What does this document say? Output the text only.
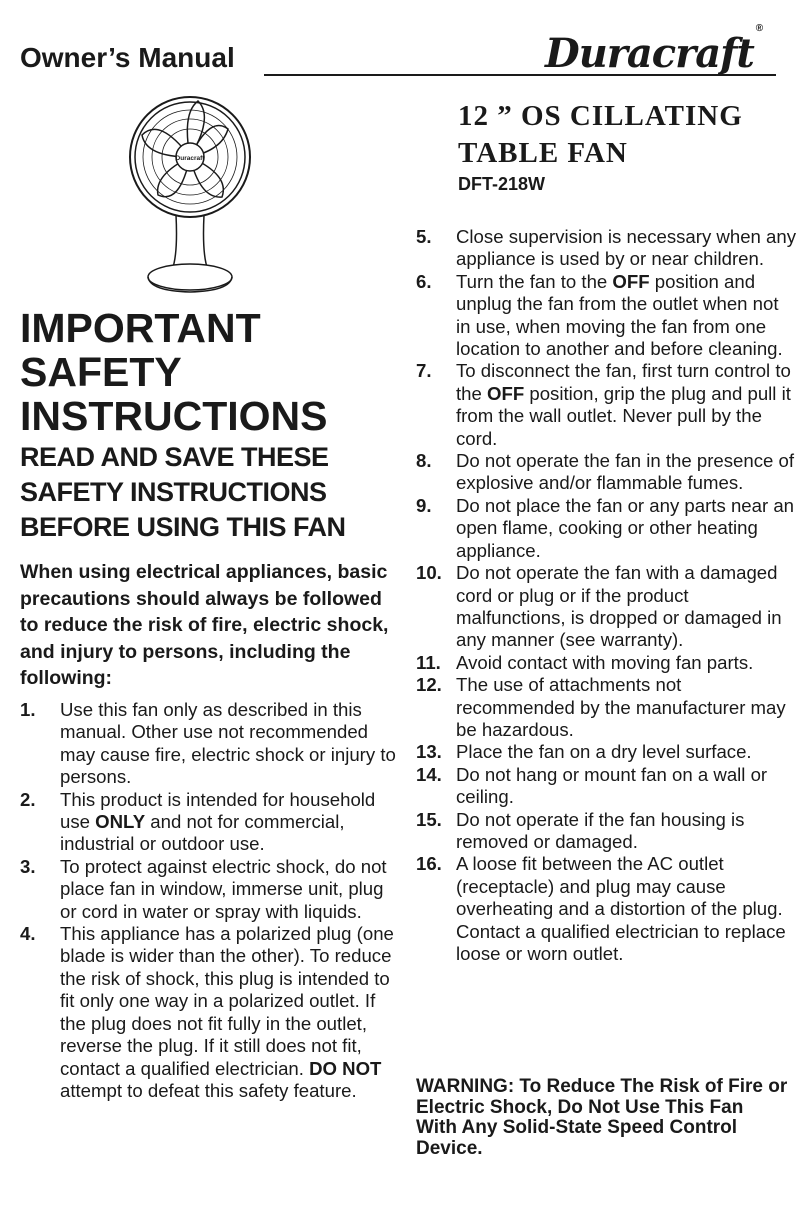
Owner’s Manual	Duracraft®
Duracraft
12 ” OS CILLATING
TABLE FAN
DFT-218W
IMPORTANT SAFETY INSTRUCTIONS
READ AND SAVE THESE SAFETY INSTRUCTIONS BEFORE USING THIS FAN
When using electrical appliances, basic precautions should always be followed to reduce the risk of fire, electric shock, and injury to persons, including the following:
1. Use this fan only as described in this manual. Other use not recommended may cause fire, electric shock or injury to persons.
2. This product is intended for household use ONLY and not for commercial, industrial or outdoor use.
3. To protect against electric shock, do not place fan in window, immerse unit, plug or cord in water or spray with liquids.
4. This appliance has a polarized plug (one blade is wider than the other). To reduce the risk of shock, this plug is intended to fit only one way in a polarized outlet. If the plug does not fit fully in the outlet, reverse the plug. If it still does not fit, contact a qualified electrician. DO NOT attempt to defeat this safety feature.
5. Close supervision is necessary when any appliance is used by or near children.
6. Turn the fan to the OFF position and unplug the fan from the outlet when not in use, when moving the fan from one location to another and before cleaning.
7. To disconnect the fan, first turn control to the OFF position, grip the plug and pull it from the wall outlet. Never pull by the cord.
8. Do not operate the fan in the presence of explosive and/or flammable fumes.
9. Do not place the fan or any parts near an open flame, cooking or other heating appliance.
10. Do not operate the fan with a damaged cord or plug or if the product malfunctions, is dropped or damaged in any manner (see warranty).
11. Avoid contact with moving fan parts.
12. The use of attachments not recommended by the manufacturer may be hazardous.
13. Place the fan on a dry level surface.
14. Do not hang or mount fan on a wall or ceiling.
15. Do not operate if the fan housing is removed or damaged.
16. A loose fit between the AC outlet (receptacle) and plug may cause overheating and a distortion of the plug. Contact a qualified electrician to replace loose or worn outlet.
WARNING: To Reduce The Risk of Fire or Electric Shock, Do Not Use This Fan With Any Solid-State Speed Control Device.
